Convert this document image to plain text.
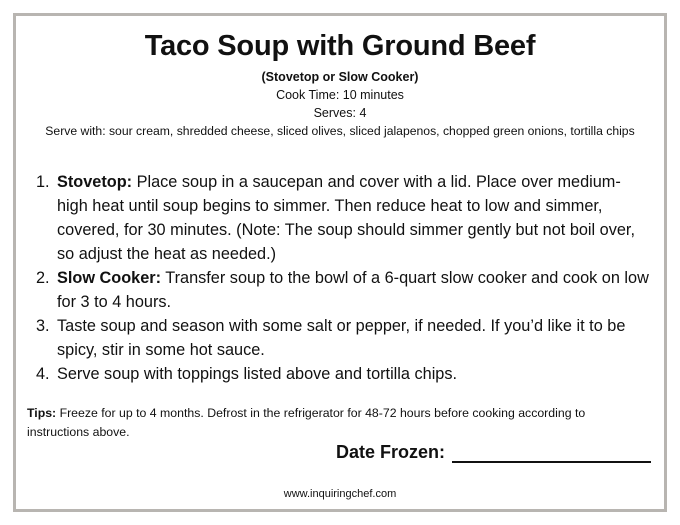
Taco Soup with Ground Beef

(Stovetop or Slow Cooker)

Cook Time: 10 minutes

Serves: 4

Serve with: sour cream, shredded cheese, sliced olives, sliced jalapenos, chopped green onions, tortilla chips

1. Stovetop: Place soup in a saucepan and cover with a lid. Place over medium-high heat until soup begins to simmer. Then reduce heat to low and simmer, covered, for 30 minutes. (Note: The soup should simmer gently but not boil over, so adjust the heat as needed.)
2. Slow Cooker: Transfer soup to the bowl of a 6-quart slow cooker and cook on low for 3 to 4 hours.
3. Taste soup and season with some salt or pepper, if needed. If you’d like it to be spicy, stir in some hot sauce.
4. Serve soup with toppings listed above and tortilla chips.

Tips: Freeze for up to 4 months. Defrost in the refrigerator for 48-72 hours before cooking according to instructions above.

Date Frozen:

www.inquiringchef.com
